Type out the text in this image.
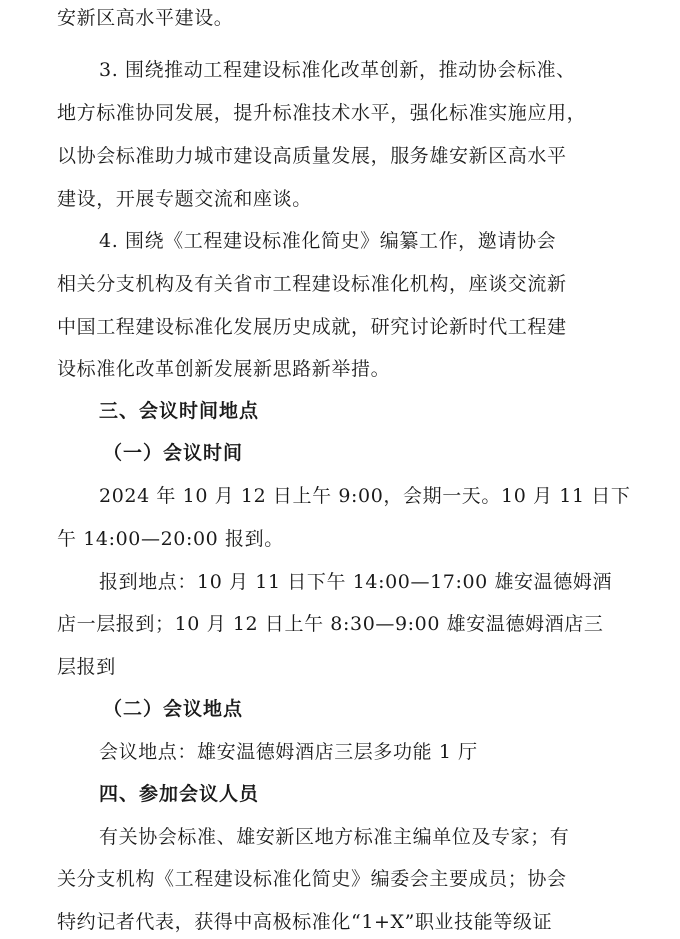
安新区高水平建设。
3. 围绕推动工程建设标准化改革创新，推动协会标准、
地方标准协同发展，提升标准技术水平，强化标准实施应用，
以协会标准助力城市建设高质量发展，服务雄安新区高水平
建设，开展专题交流和座谈。
4. 围绕《工程建设标准化简史》编纂工作，邀请协会
相关分支机构及有关省市工程建设标准化机构，座谈交流新
中国工程建设标准化发展历史成就，研究讨论新时代工程建
设标准化改革创新发展新思路新举措。
三、会议时间地点
（一）会议时间
2024 年 10 月 12 日上午 9:00，会期一天。10 月 11 日下
午 14:00—20:00 报到。
报到地点：10 月 11 日下午 14:00—17:00 雄安温德姆酒
店一层报到；10 月 12 日上午 8:30—9:00 雄安温德姆酒店三
层报到
（二）会议地点
会议地点：雄安温德姆酒店三层多功能 1 厅
四、参加会议人员
有关协会标准、雄安新区地方标准主编单位及专家；有
关分支机构《工程建设标准化简史》编委会主要成员；协会
特约记者代表，获得中高极标准化“1+X”职业技能等级证
